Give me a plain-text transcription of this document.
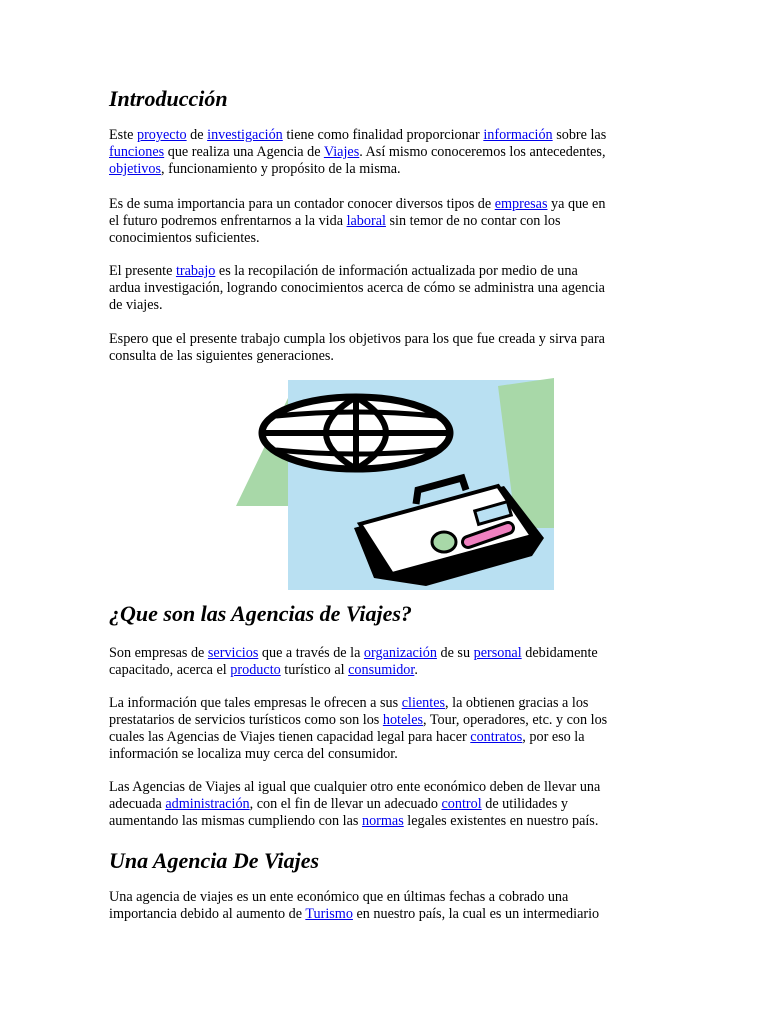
Introducción

Este proyecto de investigación tiene como finalidad proporcionar información sobre las
funciones que realiza una Agencia de Viajes. Así mismo conoceremos los antecedentes,
objetivos, funcionamiento y propósito de la misma.

Es de suma importancia para un contador conocer diversos tipos de empresas ya que en
el futuro podremos enfrentarnos a la vida laboral sin temor de no contar con los
conocimientos suficientes.

El presente trabajo es la recopilación de información actualizada por medio de una
ardua investigación, logrando conocimientos acerca de cómo se administra una agencia
de viajes.

Espero que el presente trabajo cumpla los objetivos para los que fue creada y sirva para
consulta de las siguientes generaciones.

¿Que son las Agencias de Viajes?

Son empresas de servicios que a través de la organización de su personal debidamente
capacitado, acerca el producto turístico al consumidor.

La información que tales empresas le ofrecen a sus clientes, la obtienen gracias a los
prestatarios de servicios turísticos como son los hoteles, Tour, operadores, etc. y con los
cuales las Agencias de Viajes tienen capacidad legal para hacer contratos, por eso la
información se localiza muy cerca del consumidor.

Las Agencias de Viajes al igual que cualquier otro ente económico deben de llevar una
adecuada administración, con el fin de llevar un adecuado control de utilidades y
aumentando las mismas cumpliendo con las normas legales existentes en nuestro país.

Una Agencia De Viajes

Una agencia de viajes es un ente económico que en últimas fechas a cobrado una
importancia debido al aumento de Turismo en nuestro país, la cual es un intermediario
